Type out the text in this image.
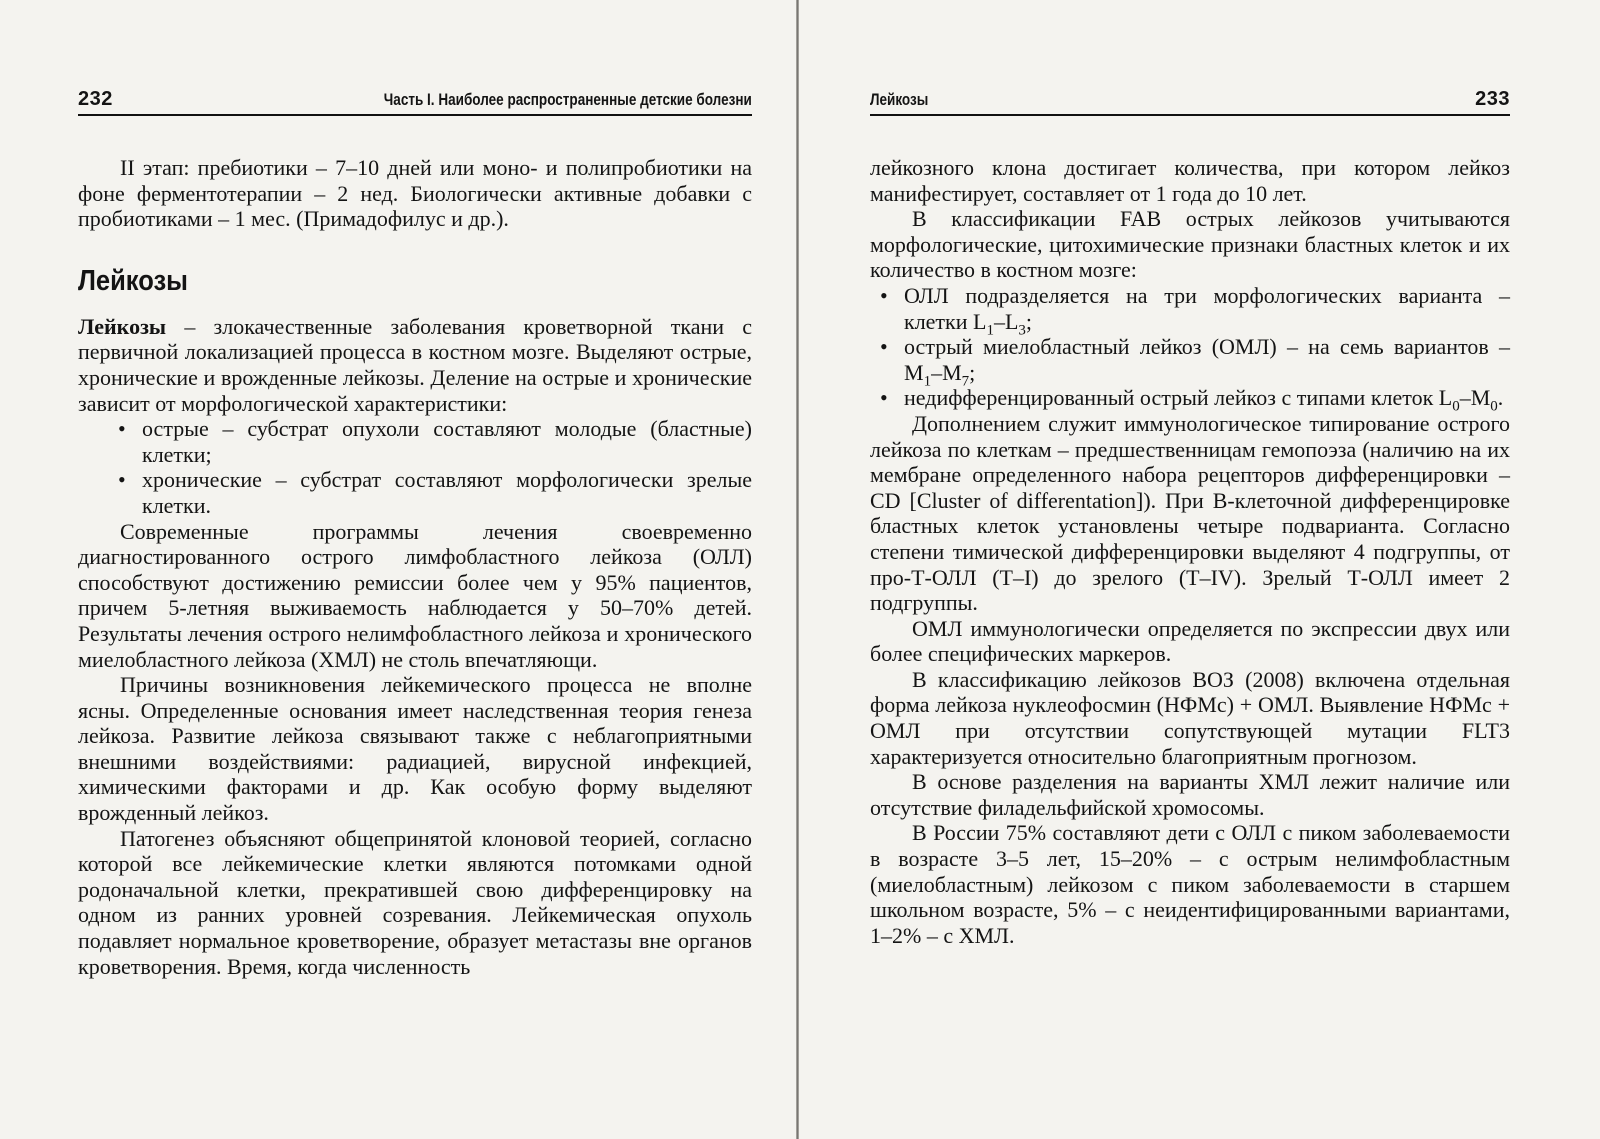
232	Часть I. Наиболее распространенные детские болезни

II этап: пребиотики – 7–10 дней или моно- и полипробиотики на фоне ферментотерапии – 2 нед. Биологически активные добавки с пробиотиками – 1 мес. (Примадофилус и др.).

Лейкозы

Лейкозы – злокачественные заболевания кроветворной ткани с первичной локализацией процесса в костном мозге. Выделяют острые, хронические и врожденные лейкозы. Деление на острые и хронические зависит от морфологической характеристики:

• острые – субстрат опухоли составляют молодые (бластные) клетки;
• хронические – субстрат составляют морфологически зрелые клетки.

Современные программы лечения своевременно диагностированного острого лимфобластного лейкоза (ОЛЛ) способствуют достижению ремиссии более чем у 95% пациентов, причем 5-летняя выживаемость наблюдается у 50–70% детей. Результаты лечения острого нелимфобластного лейкоза и хронического миелобластного лейкоза (ХМЛ) не столь впечатляющи.

Причины возникновения лейкемического процесса не вполне ясны. Определенные основания имеет наследственная теория генеза лейкоза. Развитие лейкоза связывают также с неблагоприятными внешними воздействиями: радиацией, вирусной инфекцией, химическими факторами и др. Как особую форму выделяют врожденный лейкоз.

Патогенез объясняют общепринятой клоновой теорией, согласно которой все лейкемические клетки являются потомками одной родоначальной клетки, прекратившей свою дифференцировку на одном из ранних уровней созревания. Лейкемическая опухоль подавляет нормальное кроветворение, образует метастазы вне органов кроветворения. Время, когда численность

Лейкозы	233

лейкозного клона достигает количества, при котором лейкоз манифестирует, составляет от 1 года до 10 лет.

В классификации FAB острых лейкозов учитываются морфологические, цитохимические признаки бластных клеток и их количество в костном мозге:

• ОЛЛ подразделяется на три морфологических варианта – клетки $L_1-L_3$;
• острый миелобластный лейкоз (ОМЛ) – на семь вариантов – $M_1-M_7$;
• недифференцированный острый лейкоз с типами клеток $L_0-M_0$.

Дополнением служит иммунологическое типирование острого лейкоза по клеткам – предшественницам гемопоэза (наличию на их мембране определенного набора рецепторов дифференцировки – CD [Cluster of differentation]). При B-клеточной дифференцировке бластных клеток установлены четыре подварианта. Согласно степени тимической дифференцировки выделяют 4 подгруппы, от про-Т-ОЛЛ (T–I) до зрелого (T–IV). Зрелый Т-ОЛЛ имеет 2 подгруппы.

ОМЛ иммунологически определяется по экспрессии двух или более специфических маркеров.

В классификацию лейкозов ВОЗ (2008) включена отдельная форма лейкоза нуклеофосмин (НФМс) + ОМЛ. Выявление НФМс + ОМЛ при отсутствии сопутствующей мутации FLT3 характеризуется относительно благоприятным прогнозом.

В основе разделения на варианты ХМЛ лежит наличие или отсутствие филадельфийской хромосомы.

В России 75% составляют дети с ОЛЛ с пиком заболеваемости в возрасте 3–5 лет, 15–20% – с острым нелимфобластным (миелобластным) лейкозом с пиком заболеваемости в старшем школьном возрасте, 5% – с неидентифицированными вариантами, 1–2% – с ХМЛ.
